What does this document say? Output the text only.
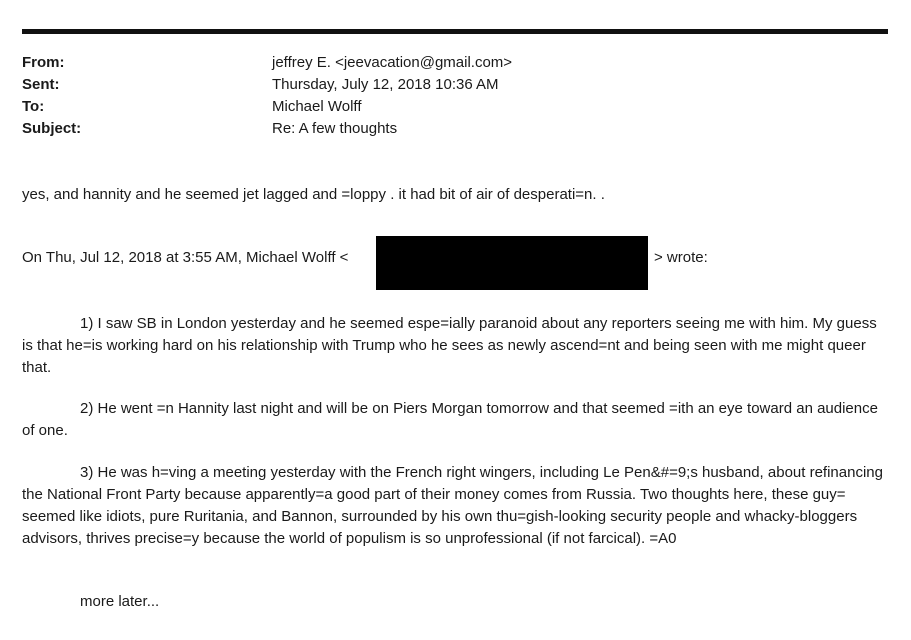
From:	jeffrey E. <jeevacation@gmail.com>
Sent:	Thursday, July 12, 2018 10:36 AM
To:	Michael Wolff
Subject:	Re: A few thoughts
yes, and hannity and he seemed jet lagged and =loppy . it had bit of air of desperati=n. .
On Thu, Jul 12, 2018 at 3:55 AM, Michael Wolff <	> wrote:

1) I saw SB in London yesterday and he seemed espe=ially paranoid about any reporters seeing me with him. My guess is that he=is working hard on his relationship with Trump who he sees as newly ascend=nt and being seen with me might queer that.

2) He went =n Hannity last night and will be on Piers Morgan tomorrow and that seemed =ith an eye toward an audience of one.

3) He was h=ving a meeting yesterday with the French right wingers, including Le Pen&#=9;s husband, about refinancing the National Front Party because apparently=a good part of their money comes from Russia. Two thoughts here, these guy= seemed like idiots, pure Ruritania, and Bannon, surrounded by his own thu=gish-looking security people and whacky-bloggers advisors, thrives precise=y because the world of populism is so unprofessional (if not farcical). =A0

more later...
